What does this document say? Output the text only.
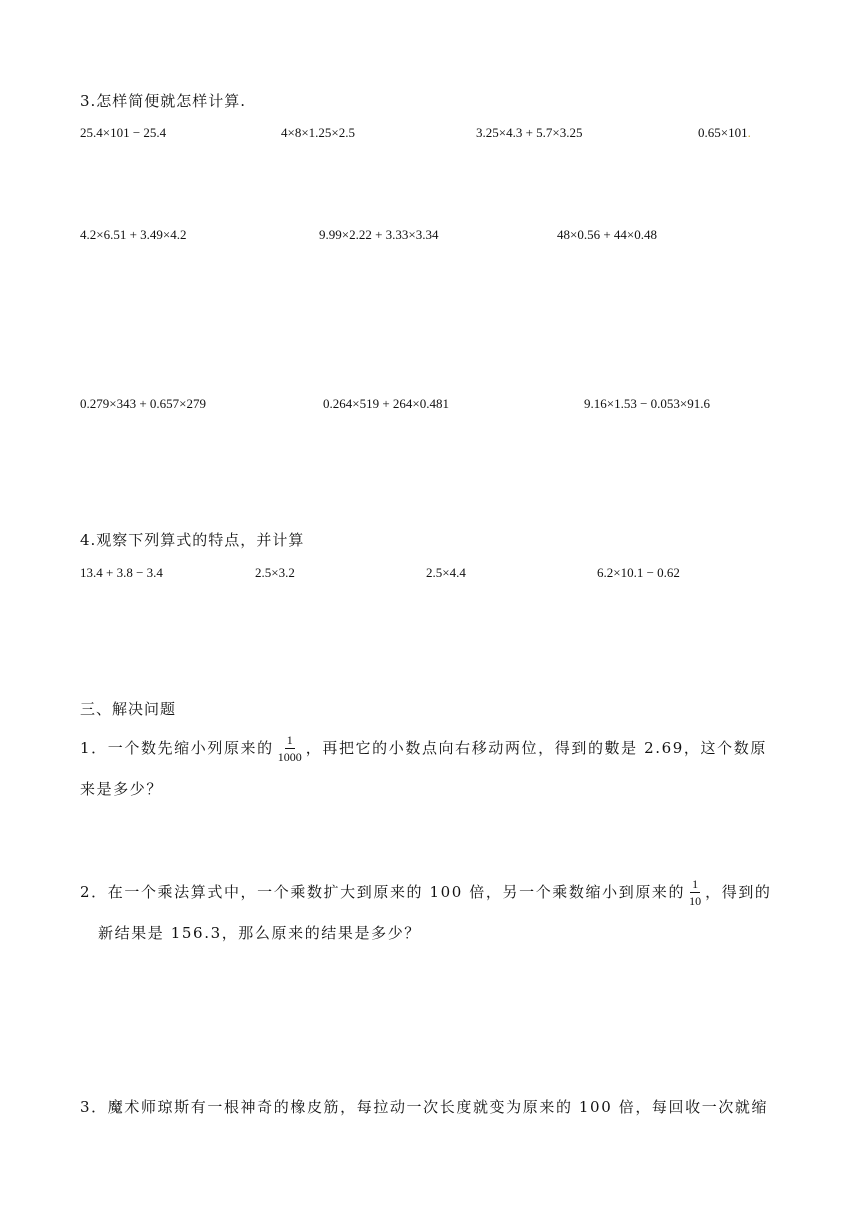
3.怎样简便就怎样计算.
25.4×101 − 25.4	4×8×1.25×2.5	3.25×4.3 + 5.7×3.25	0.65×101.
4.2×6.51 + 3.49×4.2	9.99×2.22 + 3.33×3.34	48×0.56 + 44×0.48
0.279×343 + 0.657×279	0.264×519 + 264×0.481	9.16×1.53 − 0.053×91.6
4.观察下列算式的特点，并计算
13.4 + 3.8 − 3.4	2.5×3.2	2.5×4.4	6.2×10.1 − 0.62
三、解决问题
1．一个数先缩小列原来的 $\frac{1}{1000}$ ，再把它的小数点向右移动两位，得到的數是 2.69，这个数原
来是多少？
2．在一个乘法算式中，一个乘数扩大到原来的 100 倍，另一个乘数缩小到原来的 $\frac{1}{10}$ ，得到的
新结果是 156.3，那么原来的结果是多少？
3．魔术师琼斯有一根神奇的橡皮筋，每拉动一次长度就变为原来的 100 倍，每回收一次就缩
